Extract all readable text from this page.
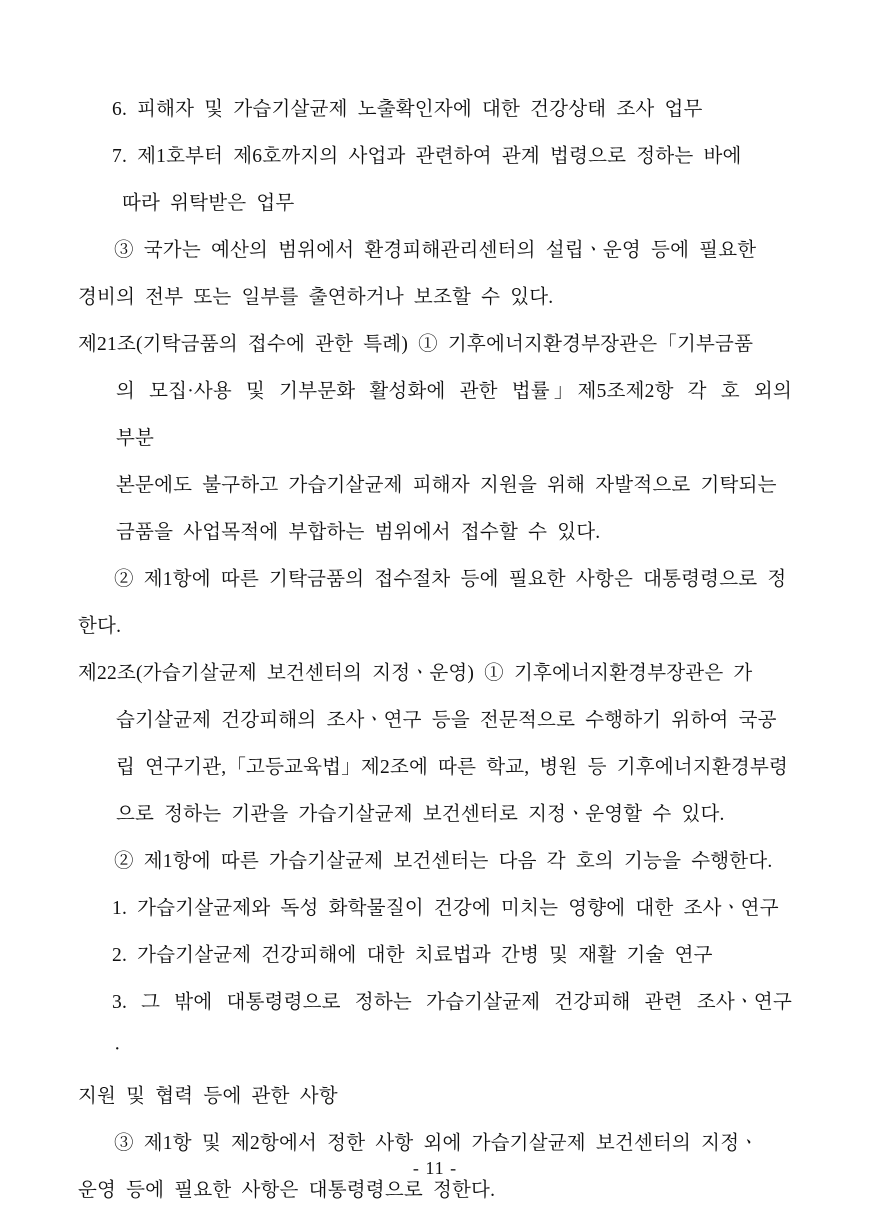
6. 피해자 및 가습기살균제 노출확인자에 대한 건강상태 조사 업무

7. 제1호부터 제6호까지의 사업과 관련하여 관계 법령으로 정하는 바에

따라 위탁받은 업무

③ 국가는 예산의 범위에서 환경피해관리센터의 설립ㆍ운영 등에 필요한

경비의 전부 또는 일부를 출연하거나 보조할 수 있다.

제21조(기탁금품의 접수에 관한 특례) ① 기후에너지환경부장관은「기부금품

의 모집·사용 및 기부문화 활성화에 관한 법률」제5조제2항 각 호 외의 부분

본문에도 불구하고 가습기살균제 피해자 지원을 위해 자발적으로 기탁되는

금품을 사업목적에 부합하는 범위에서 접수할 수 있다.

② 제1항에 따른 기탁금품의 접수절차 등에 필요한 사항은 대통령령으로 정

한다.

제22조(가습기살균제 보건센터의 지정ㆍ운영) ① 기후에너지환경부장관은 가

습기살균제 건강피해의 조사ㆍ연구 등을 전문적으로 수행하기 위하여 국공

립 연구기관,「고등교육법」제2조에 따른 학교, 병원 등 기후에너지환경부령

으로 정하는 기관을 가습기살균제 보건센터로 지정ㆍ운영할 수 있다.

② 제1항에 따른 가습기살균제 보건센터는 다음 각 호의 기능을 수행한다.

1. 가습기살균제와 독성 화학물질이 건강에 미치는 영향에 대한 조사ㆍ연구

2. 가습기살균제 건강피해에 대한 치료법과 간병 및 재활 기술 연구

3. 그 밖에 대통령령으로 정하는 가습기살균제 건강피해 관련 조사ㆍ연구·

지원 및 협력 등에 관한 사항

③ 제1항 및 제2항에서 정한 사항 외에 가습기살균제 보건센터의 지정ㆍ

운영 등에 필요한 사항은 대통령령으로 정한다.

- 11 -
